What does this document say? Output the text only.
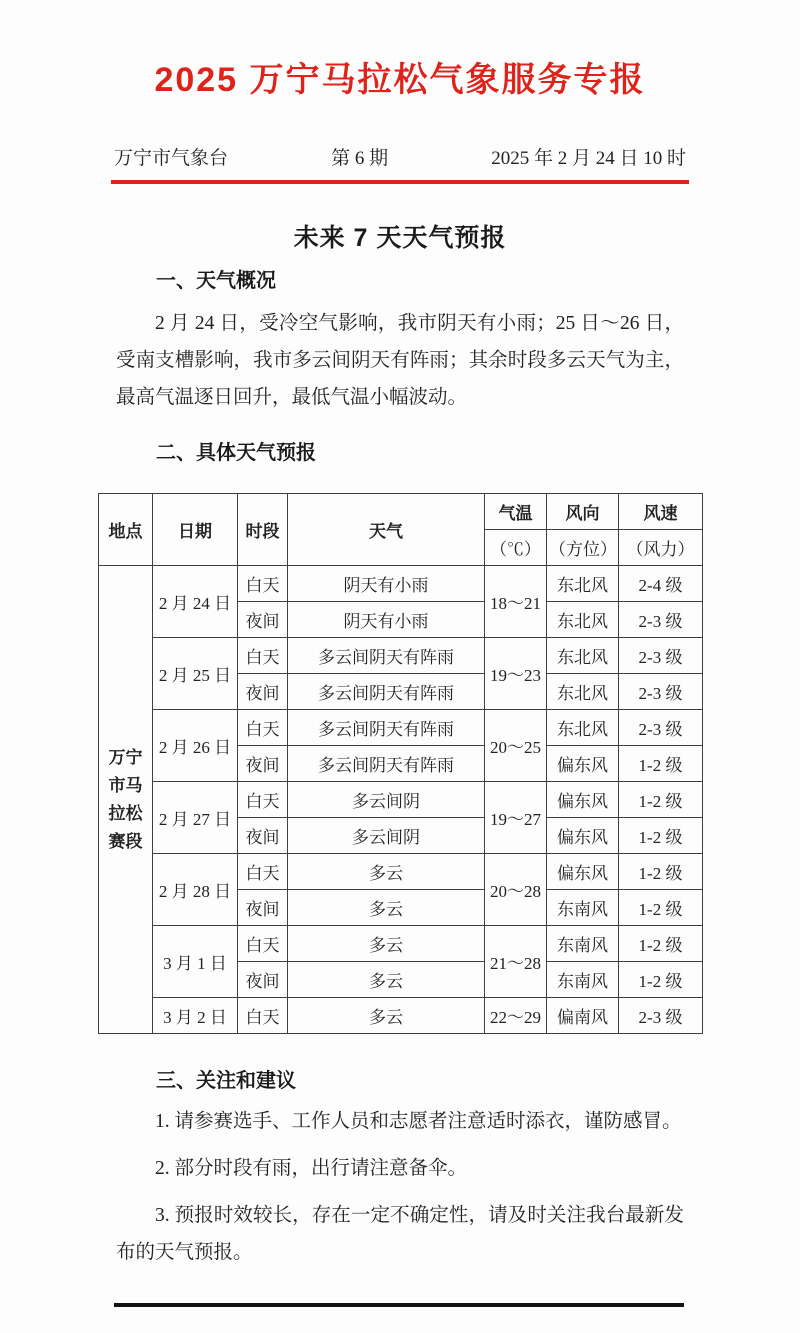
2025 万宁马拉松气象服务专报
万宁市气象台	第 6 期	2025 年 2 月 24 日 10 时
未来 7 天天气预报
一、天气概况

2 月 24 日，受冷空气影响，我市阴天有小雨；25 日～26 日，受南支槽影响，我市多云间阴天有阵雨；其余时段多云天气为主，最高气温逐日回升，最低气温小幅波动。

二、具体天气预报
地点	日期	时段	天气	气温	风向	风速
				（℃）	（方位）	（风力）
万宁市马拉松赛段	2 月 24 日	白天	阴天有小雨	18～21	东北风	2-4 级
		夜间	阴天有小雨		东北风	2-3 级
	2 月 25 日	白天	多云间阴天有阵雨	19～23	东北风	2-3 级
		夜间	多云间阴天有阵雨		东北风	2-3 级
	2 月 26 日	白天	多云间阴天有阵雨	20～25	东北风	2-3 级
		夜间	多云间阴天有阵雨		偏东风	1-2 级
	2 月 27 日	白天	多云间阴	19～27	偏东风	1-2 级
		夜间	多云间阴		偏东风	1-2 级
	2 月 28 日	白天	多云	20～28	偏东风	1-2 级
		夜间	多云		东南风	1-2 级
	3 月 1 日	白天	多云	21～28	东南风	1-2 级
		夜间	多云		东南风	1-2 级
	3 月 2 日	白天	多云	22～29	偏南风	2-3 级
三、关注和建议

1. 请参赛选手、工作人员和志愿者注意适时添衣，谨防感冒。

2. 部分时段有雨，出行请注意备伞。

3. 预报时效较长，存在一定不确定性，请及时关注我台最新发布的天气预报。
